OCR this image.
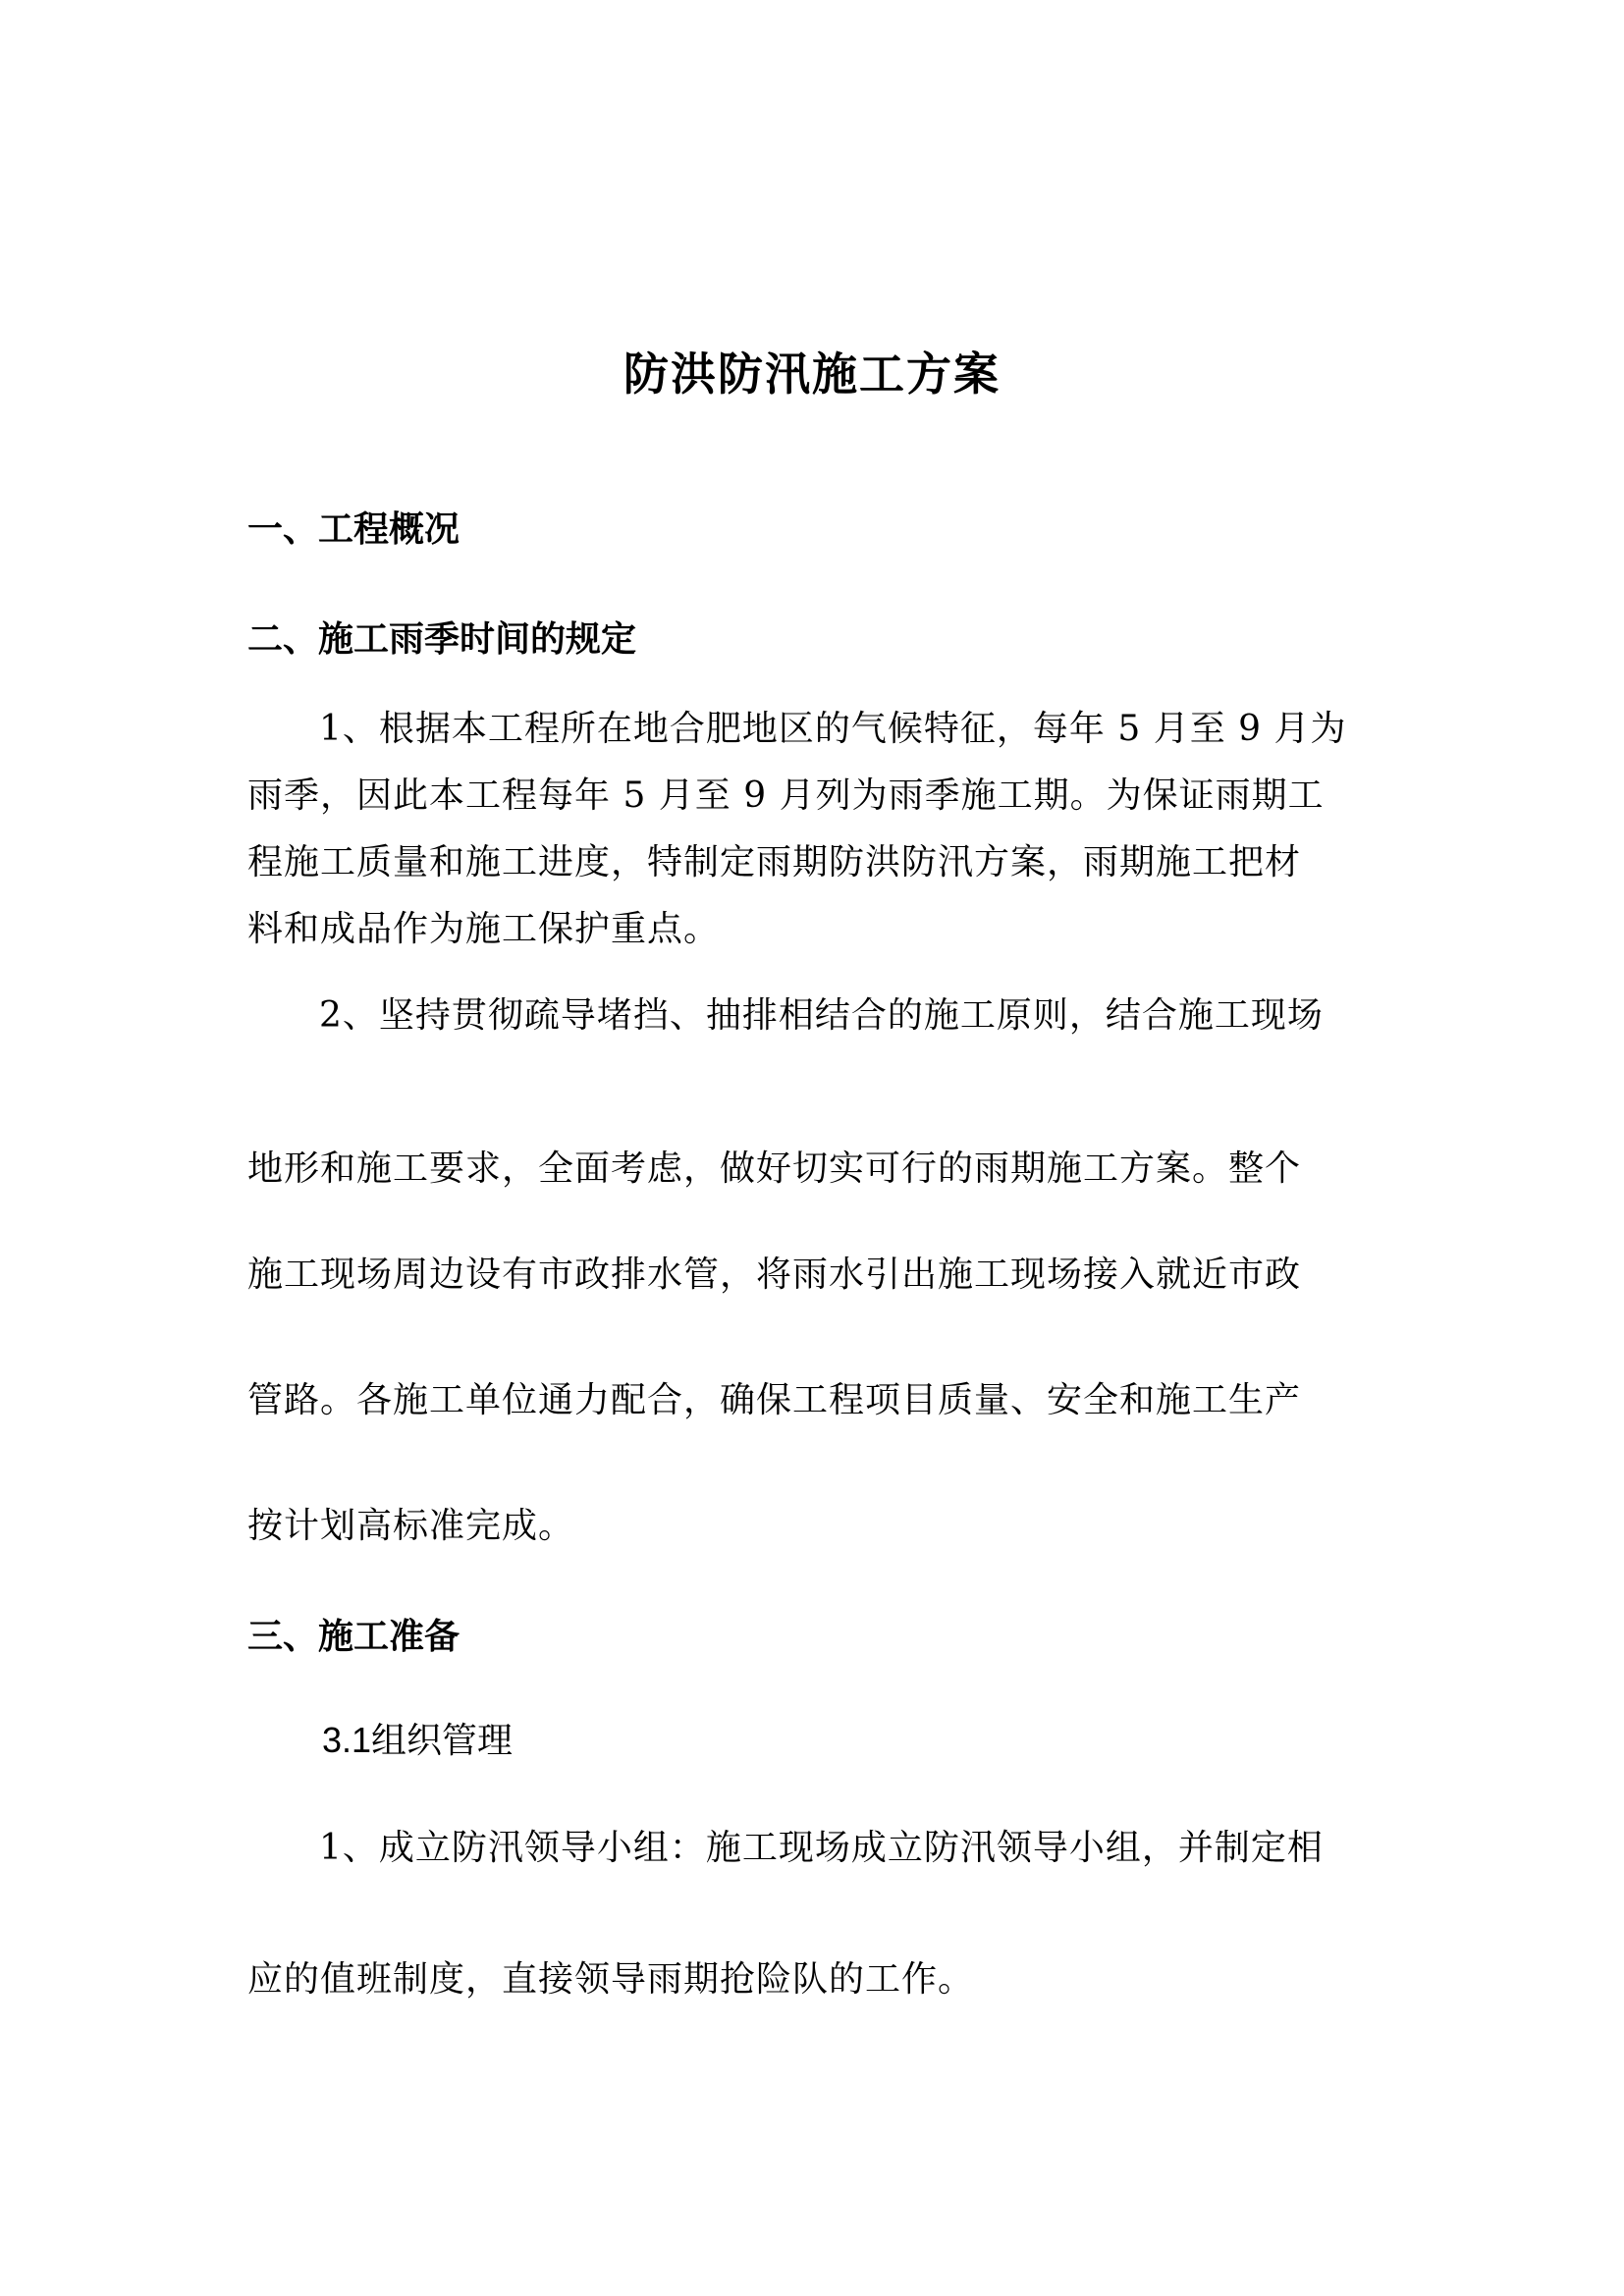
防洪防汛施工方案
一、工程概况
二、施工雨季时间的规定
1、根据本工程所在地合肥地区的气候特征，每年 5 月至 9 月为
雨季，因此本工程每年 5 月至 9 月列为雨季施工期。为保证雨期工
程施工质量和施工进度，特制定雨期防洪防汛方案，雨期施工把材
料和成品作为施工保护重点。
2、坚持贯彻疏导堵挡、抽排相结合的施工原则，结合施工现场
地形和施工要求，全面考虑，做好切实可行的雨期施工方案。整个
施工现场周边设有市政排水管，将雨水引出施工现场接入就近市政
管路。各施工单位通力配合，确保工程项目质量、安全和施工生产
按计划高标准完成。
三、施工准备
3.1组织管理
1、成立防汛领导小组：施工现场成立防汛领导小组，并制定相
应的值班制度，直接领导雨期抢险队的工作。
